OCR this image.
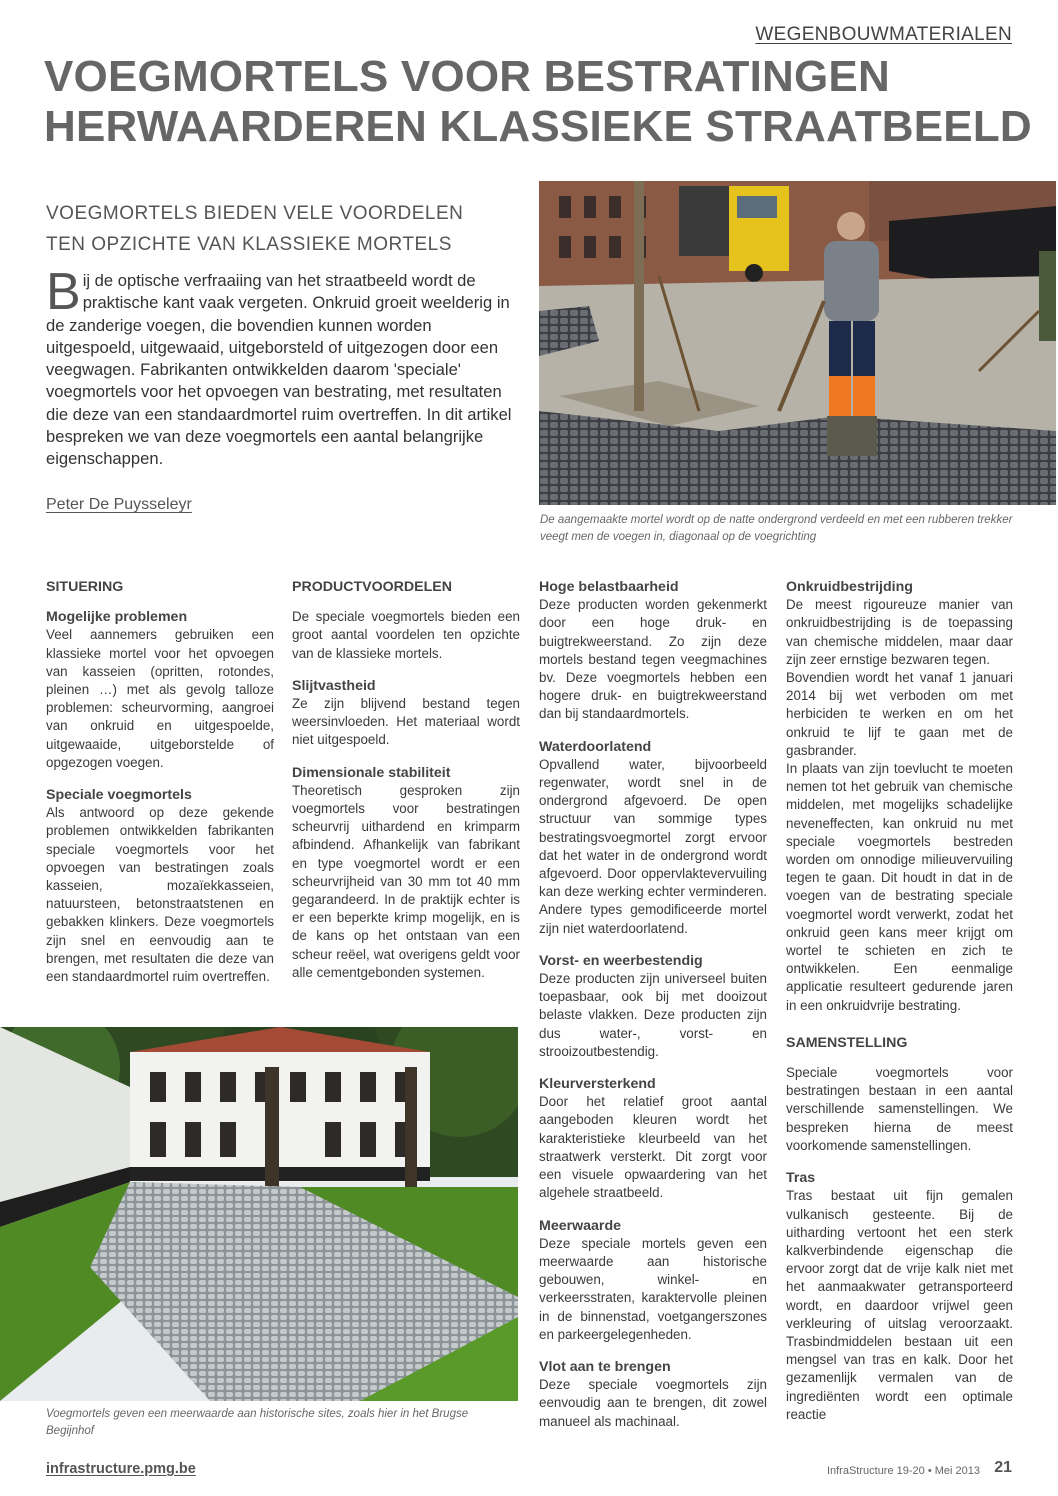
WEGENBOUWMATERIALEN
VOEGMORTELS VOOR BESTRATINGEN
HERWAARDEREN KLASSIEKE STRAATBEELD
VOEGMORTELS BIEDEN VELE VOORDELEN
TEN OPZICHTE VAN KLASSIEKE MORTELS
Bij de optische verfraaiing van het straatbeeld wordt de praktische kant vaak vergeten. Onkruid groeit weelderig in de zanderige voegen, die bovendien kunnen worden uitgespoeld, uitgewaaid, uitgeborsteld of uitgezogen door een veegwagen. Fabrikanten ontwikkelden daarom 'speciale' voegmortels voor het opvoegen van bestrating, met resultaten die deze van een standaardmortel ruim overtreffen. In dit artikel bespreken we van deze voegmortels een aantal belangrijke eigenschappen.
Peter De Puysseleyr
De aangemaakte mortel wordt op de natte ondergrond verdeeld en met een rubberen trekker veegt men de voegen in, diagonaal op de voegrichting
SITUERING
Mogelijke problemen

Veel aannemers gebruiken een klassieke mortel voor het opvoegen van kasseien (opritten, rotondes, pleinen …) met als gevolg talloze problemen: scheurvorming, aangroei van onkruid en uitgespoelde, uitgewaaide, uitgeborstelde of opgezogen voegen.

Speciale voegmortels

Als antwoord op deze gekende problemen ontwikkelden fabrikanten speciale voegmortels voor het opvoegen van bestratingen zoals kasseien, mozaïekkasseien, natuursteen, betonstraatstenen en gebakken klinkers. Deze voegmortels zijn snel en eenvoudig aan te brengen, met resultaten die deze van een standaardmortel ruim overtreffen.

PRODUCTVOORDELEN

De speciale voegmortels bieden een groot aantal voordelen ten opzichte van de klassieke mortels.

Slijtvastheid

Ze zijn blijvend bestand tegen weersinvloeden. Het materiaal wordt niet uitgespoeld.

Dimensionale stabiliteit

Theoretisch gesproken zijn voegmortels voor bestratingen scheurvrij uithardend en krimparm afbindend. Afhankelijk van fabrikant en type voegmortel wordt er een scheurvrijheid van 30 mm tot 40 mm gegarandeerd. In de praktijk echter is er een beperkte krimp mogelijk, en is de kans op het ontstaan van een scheur reëel, wat overigens geldt voor alle cementgebonden systemen.

Hoge belastbaarheid

Deze producten worden gekenmerkt door een hoge druk- en buigtrekweerstand. Zo zijn deze mortels bestand tegen veegmachines bv. Deze voegmortels hebben een hogere druk- en buigtrekweerstand dan bij standaardmortels.

Waterdoorlatend

Opvallend water, bijvoorbeeld regenwater, wordt snel in de ondergrond afgevoerd. De open structuur van sommige types bestratingsvoegmortel zorgt ervoor dat het water in de ondergrond wordt afgevoerd. Door oppervlaktevervuiling kan deze werking echter verminderen. Andere types gemodificeerde mortel zijn niet waterdoorlatend.

Vorst- en weerbestendig

Deze producten zijn universeel buiten toepasbaar, ook bij met dooizout belaste vlakken. Deze producten zijn dus water-, vorst- en strooizoutbestendig.

Kleurversterkend

Door het relatief groot aantal aangeboden kleuren wordt het karakteristieke kleurbeeld van het straatwerk versterkt. Dit zorgt voor een visuele opwaardering van het algehele straatbeeld.

Meerwaarde

Deze speciale mortels geven een meerwaarde aan historische gebouwen, winkel- en verkeersstraten, karaktervolle pleinen in de binnenstad, voetgangerszones en parkeergelegenheden.

Vlot aan te brengen

Deze speciale voegmortels zijn eenvoudig aan te brengen, dit zowel manueel als machinaal.

Onkruidbestrijding

De meest rigoureuze manier van onkruidbestrijding is de toepassing van chemische middelen, maar daar zijn zeer ernstige bezwaren tegen.

Bovendien wordt het vanaf 1 januari 2014 bij wet verboden om met herbiciden te werken en om het onkruid te lijf te gaan met de gasbrander.

In plaats van zijn toevlucht te moeten nemen tot het gebruik van chemische middelen, met mogelijks schadelijke neveneffecten, kan onkruid nu met speciale voegmortels bestreden worden om onnodige milieuvervuiling tegen te gaan. Dit houdt in dat in de voegen van de bestrating speciale voegmortel wordt verwerkt, zodat het onkruid geen kans meer krijgt om wortel te schieten en zich te ontwikkelen. Een eenmalige applicatie resulteert gedurende jaren in een onkruidvrije bestrating.

SAMENSTELLING

Speciale voegmortels voor bestratingen bestaan in een aantal verschillende samenstellingen. We bespreken hierna de meest voorkomende samenstellingen.

Tras

Tras bestaat uit fijn gemalen vulkanisch gesteente. Bij de uitharding vertoont het een sterk kalkverbindende eigenschap die ervoor zorgt dat de vrije kalk niet met het aanmaakwater getransporteerd wordt, en daardoor vrijwel geen verkleuring of uitslag veroorzaakt. Trasbindmiddelen bestaan uit een mengsel van tras en kalk. Door het gezamenlijk vermalen van de ingrediënten wordt een optimale reactie

Voegmortels geven een meerwaarde aan historische sites, zoals hier in het Brugse Begijnhof
infrastructure.pmg.be	InfraStructure 19-20 • Mei 2013 21
